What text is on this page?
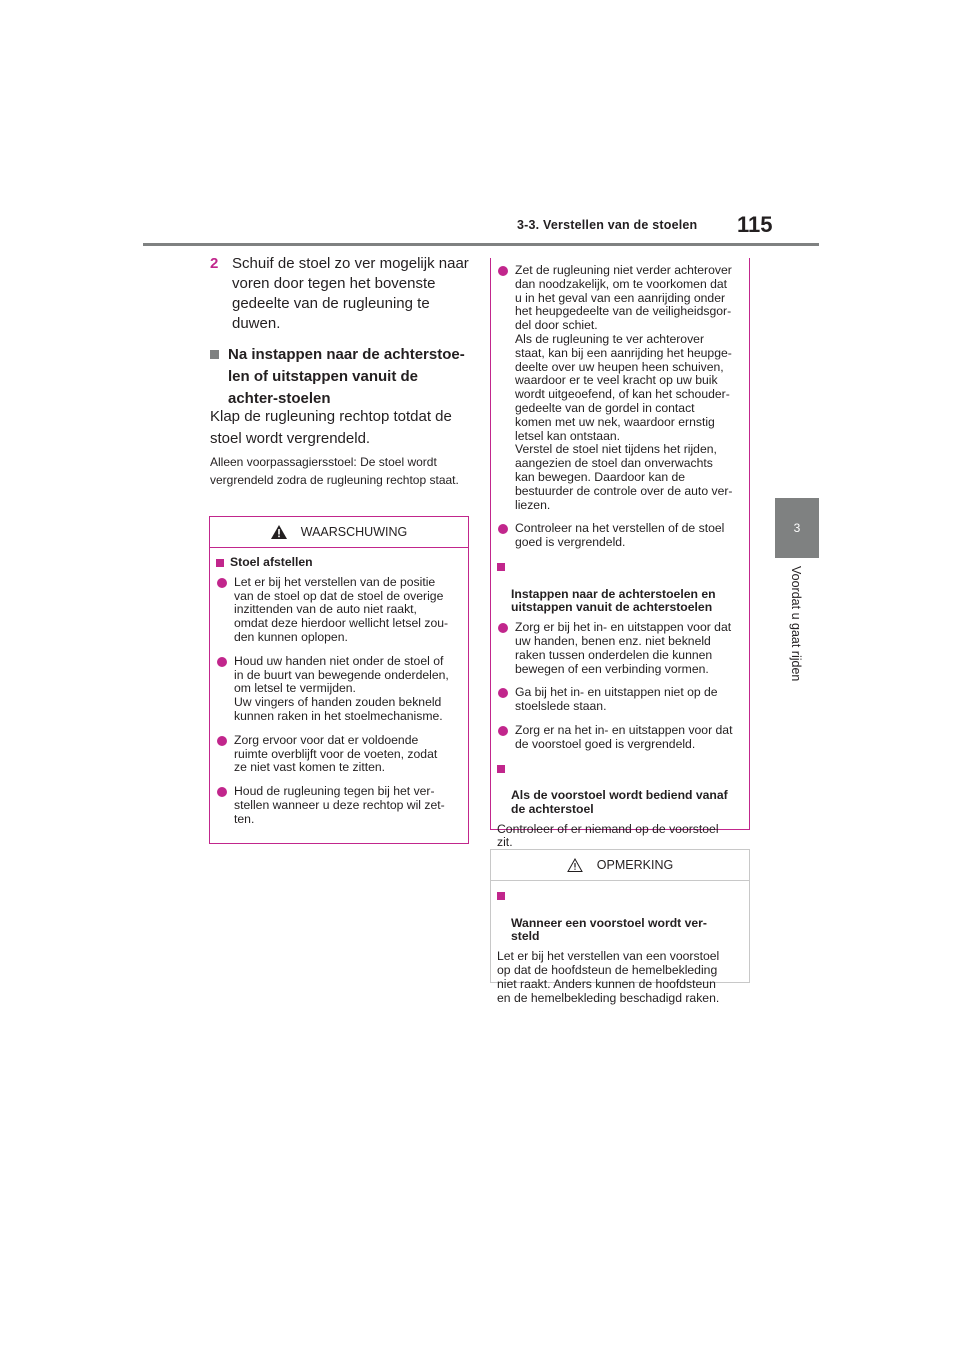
3-3. Verstellen van de stoelen 115
3
Voordat u gaat rijden
2 Schuif de stoel zo ver mogelijk naar voren door tegen het bovenste gedeelte van de rugleuning te duwen.
Na instappen naar de achterstoe-len of uitstappen vanuit de achter-stoelen
Klap de rugleuning rechtop totdat de stoel wordt vergrendeld.
Alleen voorpassagiersstoel: De stoel wordt vergrendeld zodra de rugleuning rechtop staat.
WAARSCHUWING
Stoel afstellen
Let er bij het verstellen van de positie
van de stoel op dat de stoel de overige
inzittenden van de auto niet raakt,
omdat deze hierdoor wellicht letsel zou-
den kunnen oplopen.
Houd uw handen niet onder de stoel of
in de buurt van bewegende onderdelen,
om letsel te vermijden.
Uw vingers of handen zouden bekneld
kunnen raken in het stoelmechanisme.
Zorg ervoor voor dat er voldoende
ruimte overblijft voor de voeten, zodat
ze niet vast komen te zitten.
Houd de rugleuning tegen bij het ver-
stellen wanneer u deze rechtop wil zet-
ten.
Zet de rugleuning niet verder achterover
dan noodzakelijk, om te voorkomen dat
u in het geval van een aanrijding onder
het heupgedeelte van de veiligheidsgor-
del door schiet.
Als de rugleuning te ver achterover
staat, kan bij een aanrijding het heupge-
deelte over uw heupen heen schuiven,
waardoor er te veel kracht op uw buik
wordt uitgeoefend, of kan het schouder-
gedeelte van de gordel in contact
komen met uw nek, waardoor ernstig
letsel kan ontstaan.
Verstel de stoel niet tijdens het rijden,
aangezien de stoel dan onverwachts
kan bewegen. Daardoor kan de
bestuurder de controle over de auto ver-
liezen.
Controleer na het verstellen of de stoel
goed is vergrendeld.

Instappen naar de achterstoelen en
uitstappen vanuit de achterstoelen

Zorg er bij het in- en uitstappen voor dat
uw handen, benen enz. niet bekneld
raken tussen onderdelen die kunnen
bewegen of een verbinding vormen.
Ga bij het in- en uitstappen niet op de
stoelslede staan.
Zorg er na het in- en uitstappen voor dat
de voorstoel goed is vergrendeld.

Als de voorstoel wordt bediend vanaf
de achterstoel

Controleer of er niemand op de voorstoel
zit.
OPMERKING

Wanneer een voorstoel wordt ver-
steld

Let er bij het verstellen van een voorstoel
op dat de hoofdsteun de hemelbekleding
niet raakt. Anders kunnen de hoofdsteun
en de hemelbekleding beschadigd raken.
